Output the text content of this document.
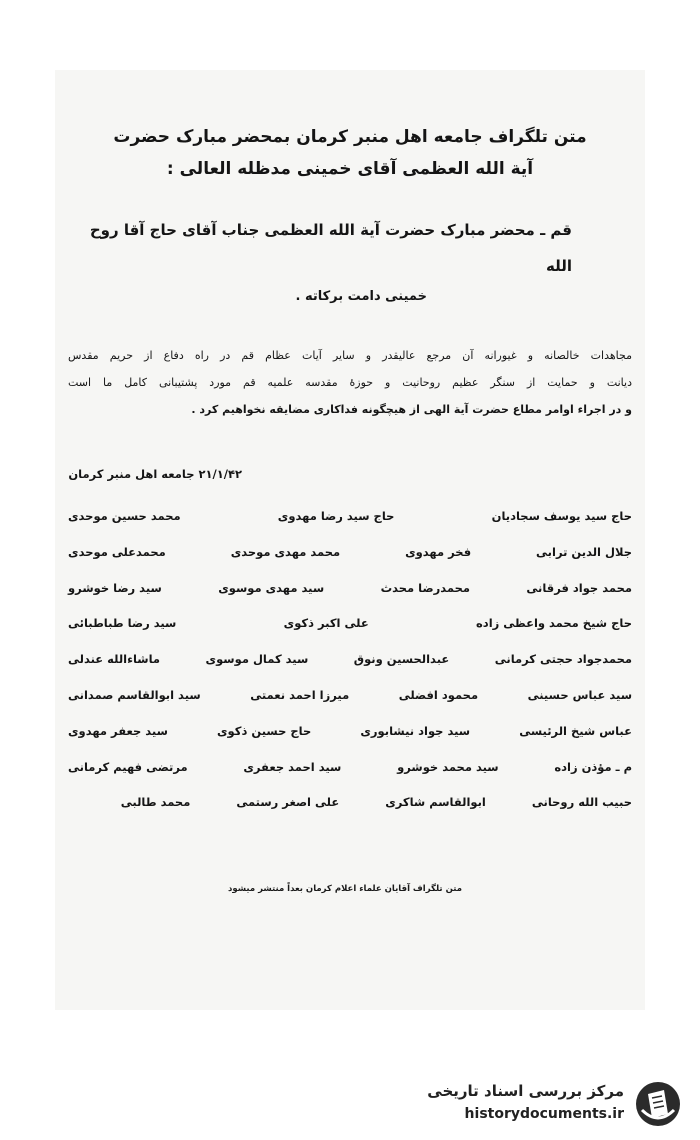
متن تلگراف جامعه اهل منبر کرمان بمحضر مبارک حضرت
آیة الله العظمی آقای خمینی مدظله العالی :
قم ـ محضر مبارک حضرت آیة الله العظمی جناب آقای حاج آقا روح الله
خمینی دامت برکاته .
مجاهدات خالصانه و غیورانه آن مرجع عالیقدر و سایر آیات عظام قم در راه دفاع از حریم مقدس
دیانت و حمایت از سنگر عظیم روحانیت و حوزهٔ مقدسه علمیه قم مورد پشتیبانی کامل ما است
و در اجراء اوامر مطاع حضرت آیة الهی از هیچگونه فداکاری مضایقه نخواهیم کرد .
۲۱/۱/۴۲ جامعه اهل منبر کرمان
حاج سید یوسف سجادیان
حاج سید رضا مهدوی
محمد حسین موحدی
جلال الدین ترابی
فخر مهدوی
محمد مهدی موحدی
محمدعلی موحدی
محمد جواد فرقانی
محمدرضا محدث
سید مهدی موسوی
سید رضا خوشرو
حاج شیخ محمد واعظی زاده
علی اکبر ذکوی
سید رضا طباطبائی
محمدجواد حجتی کرمانی
عبدالحسین ونوق
سید کمال موسوی
ماشاءالله عندلی
سید عباس حسینی
محمود افضلی
میرزا احمد نعمتی
سید ابوالقاسم صمدانی
عباس شیخ الرئیسی
سید جواد نیشابوری
حاج حسین ذکوی
سید جعفر مهدوی
م ـ مؤذن زاده
سید محمد خوشرو
سید احمد جعفری
مرتضی فهیم کرمانی
حبیب الله روحانی
ابوالقاسم شاکری
علی اصغر رستمی
محمد طالبی
متن تلگراف آقایان علماء اعلام کرمان بعداً منتشر میشود
مرکز بررسی اسناد تاریخی
historydocuments.ir
